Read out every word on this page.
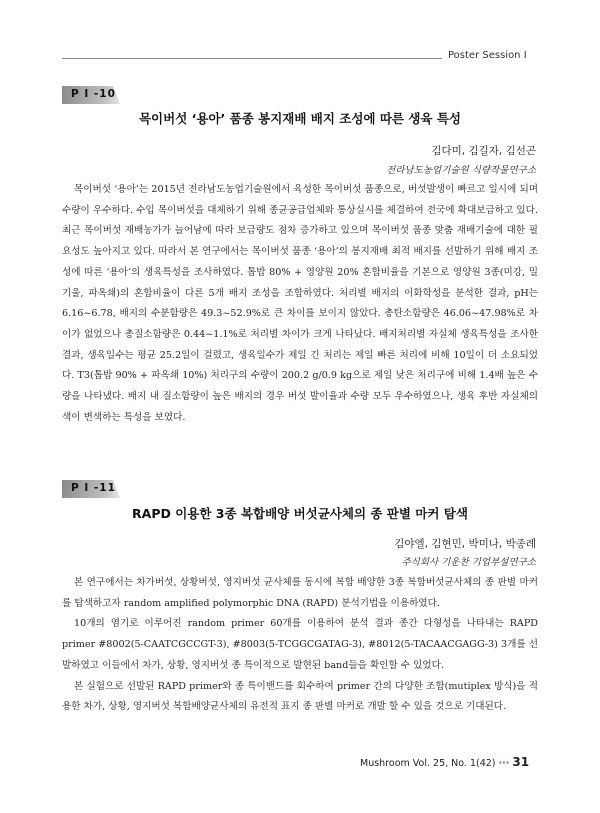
Poster Session Ⅰ
P I -10
목이버섯 ‘용아’ 품종 봉지재배 배지 조성에 따른 생육 특성
김다미, 김길자, 김선곤
전라남도농업기술원 식량작물연구소

목이버섯 ‘용아’는 2015년 전라남도농업기술원에서 육성한 목이버섯 품종으로, 버섯발생이 빠르고 일시에 되며 수량이 우수하다. 수입 목이버섯을 대체하기 위해 종균공급업체와 통상실시를 체결하여 전국에 확대보급하고 있다. 최근 목이버섯 재배농가가 늘어남에 따라 보급량도 점차 증가하고 있으며 목이버섯 품종 맞춤 재배기술에 대한 필요성도 높아지고 있다. 따라서 본 연구에서는 목이버섯 품종 ‘용아’의 봉지재배 최적 배지를 선발하기 위해 배지 조성에 따른 ‘용아’의 생육특성을 조사하였다. 톱밥 80% + 영양원 20% 혼합비율을 기본으로 영양원 3종(미강, 밀기울, 파옥쇄)의 혼합비율이 다른 5개 배지 조성을 조합하였다. 처리별 배지의 이화학성을 분석한 결과, pH는 6.16~6.78, 배지의 수분함량은 49.3~52.9%로 큰 차이를 보이지 않았다. 총탄소함량은 46.06~47.98%로 차이가 없었으나 총질소함량은 0.44~1.1%로 처리별 차이가 크게 나타났다. 배지처리별 자실체 생육특성을 조사한 결과, 생육일수는 평균 25.2일이 걸렸고, 생육일수가 제일 긴 처리는 제일 빠른 처리에 비해 10일이 더 소요되었다. T3(톱밥 90% + 파옥쇄 10%) 처리구의 수량이 200.2 g/0.9 kg으로 제일 낮은 처리구에 비해 1.4배 높은 수량을 나타냈다. 배지 내 질소함량이 높은 배지의 경우 버섯 발이율과 수량 모두 우수하였으나, 생육 후반 자실체의 색이 변색하는 특성을 보였다.

P I -11
RAPD 이용한 3종 복합배양 버섯균사체의 종 판별 마커 탐색
김야엘, 김현민, 박미나, 박종례
주식회사 기운찬 기업부설연구소

본 연구에서는 차가버섯, 상황버섯, 영지버섯 균사체를 동시에 복합 배양한 3종 복합버섯균사체의 종 판별 마커를 탐색하고자 random amplified polymorphic DNA (RAPD) 분석기법을 이용하였다.

10개의 염기로 이루어진 random primer 60개를 이용하여 분석 결과 종간 다형성을 나타내는 RAPD primer #8002(5-CAATCGCCGT-3), #8003(5-TCGGCGATAG-3), #8012(5-TACAACGAGG-3) 3개를 선발하였고 이들에서 차가, 상황, 영지버섯 종 특이적으로 발현된 band들을 확인할 수 있었다.

본 실험으로 선발된 RAPD primer와 종 특이밴드를 회수하여 primer 간의 다양한 조합(mutiplex 방식)을 적용한 차가, 상황, 영지버섯 복합배양균사체의 유전적 표지 종 판별 마커로 개발 할 수 있을 것으로 기대된다.

Mushroom Vol. 25, No. 1(42) ··· 31
